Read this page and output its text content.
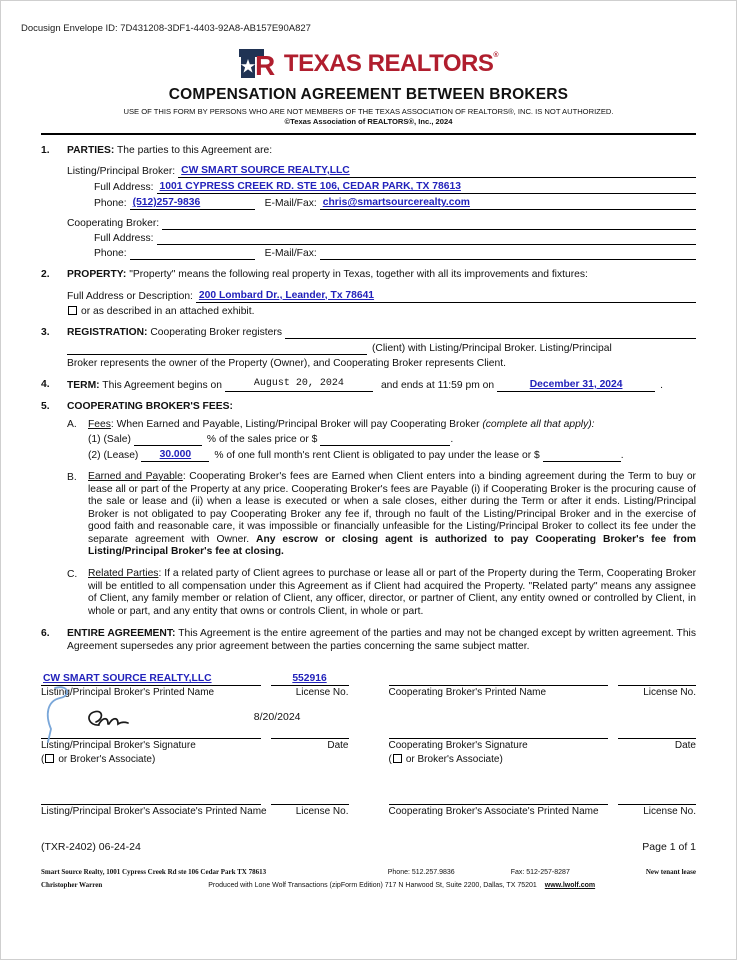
Docusign Envelope ID: 7D431208-3DF1-4403-92A8-AB157E90A827
R TEXAS REALTORS®
COMPENSATION AGREEMENT BETWEEN BROKERS
USE OF THIS FORM BY PERSONS WHO ARE NOT MEMBERS OF THE TEXAS ASSOCIATION OF REALTORS®, INC. IS NOT AUTHORIZED.
©Texas Association of REALTORS®, Inc., 2024
1.	PARTIES: The parties to this Agreement are:
Listing/Principal Broker: CW SMART SOURCE REALTY,LLC
Full Address: 1001 CYPRESS CREEK RD. STE 106, CEDAR PARK, TX 78613
Phone: (512)257-9836	E-Mail/Fax: chris@smartsourcerealty.com
Cooperating Broker:
Full Address:
Phone:	E-Mail/Fax:
2.	PROPERTY: "Property" means the following real property in Texas, together with all its improvements and fixtures:
Full Address or Description: 200 Lombard Dr., Leander, Tx 78641
or as described in an attached exhibit.
3.	REGISTRATION: Cooperating Broker registers
(Client) with Listing/Principal Broker. Listing/Principal
Broker represents the owner of the Property (Owner), and Cooperating Broker represents Client.
4.	TERM: This Agreement begins on	August 20, 2024	and ends at 11:59 pm on	December 31, 2024	.
5.	COOPERATING BROKER'S FEES:
A.	Fees: When Earned and Payable, Listing/Principal Broker will pay Cooperating Broker (complete all that apply):
(1) (Sale)	% of the sales price or $	.
(2) (Lease)	30.000	% of one full month's rent Client is obligated to pay under the lease or $	.
B.	Earned and Payable: Cooperating Broker's fees are Earned when Client enters into a binding agreement during the Term to buy or lease all or part of the Property at any price. Cooperating Broker's fees are Payable (i) if Cooperating Broker is the procuring cause of the sale or lease and (ii) when a lease is executed or when a sale closes, either during the Term or after it ends. Listing/Principal Broker is not obligated to pay Cooperating Broker any fee if, through no fault of the Listing/Principal Broker and in the exercise of good faith and reasonable care, it was impossible or financially unfeasible for the Listing/Principal Broker to collect its fee under the separate agreement with Owner. Any escrow or closing agent is authorized to pay Cooperating Broker's fee from Listing/Principal Broker's fee at closing.
C.	Related Parties: If a related party of Client agrees to purchase or lease all or part of the Property during the Term, Cooperating Broker will be entitled to all compensation under this Agreement as if Client had acquired the Property. "Related party" means any assignee of Client, any family member or relation of Client, any officer, director, or partner of Client, any entity owned or controlled by Client, in whole or part, and any entity that owns or controls Client, in whole or part.
6.	ENTIRE AGREEMENT: This Agreement is the entire agreement of the parties and may not be changed except by written agreement. This Agreement supersedes any prior agreement between the parties concerning the same subject matter.
CW SMART SOURCE REALTY,LLC	552916
Listing/Principal Broker's Printed Name	License No.
8/20/2024
Listing/Principal Broker's Signature	Date
( or Broker's Associate)
Listing/Principal Broker's Associate's Printed Name	License No.
Cooperating Broker's Printed Name	License No.
Cooperating Broker's Signature	Date
( or Broker's Associate)
Cooperating Broker's Associate's Printed Name	License No.
(TXR-2402) 06-24-24	Page 1 of 1
Smart Source Realty, 1001 Cypress Creek Rd ste 106 Cedar Park TX 78613	Phone: 512.257.9836	Fax: 512-257-8287	New tenant lease
Christopher Warren	Produced with Lone Wolf Transactions (zipForm Edition) 717 N Harwood St, Suite 2200, Dallas, TX 75201 www.lwolf.com
